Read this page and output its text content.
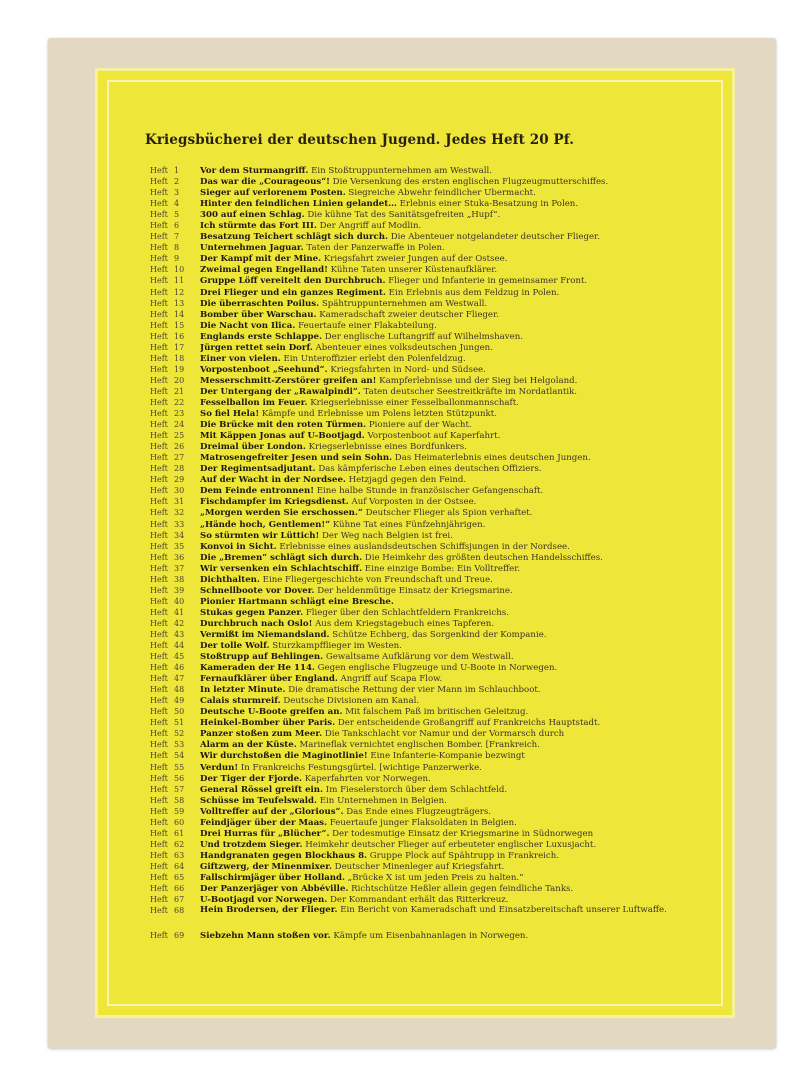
Kriegsbücherei der deutschen Jugend. Jedes Heft 20 Pf.
Heft 1	Vor dem Sturmangriff. Ein Stoßtruppunternehmen am Westwall.
Heft 2	Das war die „Courageous“! Die Versenkung des ersten englischen Flugzeugmutterschiffes.
Heft 3	Sieger auf verlorenem Posten. Siegreiche Abwehr feindlicher Übermacht.
Heft 4	Hinter den feindlichen Linien gelandet… Erlebnis einer Stuka-Besatzung in Polen.
Heft 5	300 auf einen Schlag. Die kühne Tat des Sanitätsgefreiten „Hupf“.
Heft 6	Ich stürmte das Fort III. Der Angriff auf Modlin.
Heft 7	Besatzung Teichert schlägt sich durch. Die Abenteuer notgelandeter deutscher Flieger.
Heft 8	Unternehmen Jaguar. Taten der Panzerwaffe in Polen.
Heft 9	Der Kampf mit der Mine. Kriegsfahrt zweier Jungen auf der Ostsee.
Heft 10	Zweimal gegen Engelland! Kühne Taten unserer Küstenaufklärer.
Heft 11	Gruppe Löff vereitelt den Durchbruch. Flieger und Infanterie in gemeinsamer Front.
Heft 12	Drei Flieger und ein ganzes Regiment. Ein Erlebnis aus dem Feldzug in Polen.
Heft 13	Die überraschten Poilus. Spähtruppunternehmen am Westwall.
Heft 14	Bomber über Warschau. Kameradschaft zweier deutscher Flieger.
Heft 15	Die Nacht von Ilica. Feuertaufe einer Flakabteilung.
Heft 16	Englands erste Schlappe. Der englische Luftangriff auf Wilhelmshaven.
Heft 17	Jürgen rettet sein Dorf. Abenteuer eines volksdeutschen Jungen.
Heft 18	Einer von vielen. Ein Unteroffizier erlebt den Polenfeldzug.
Heft 19	Vorpostenboot „Seehund“. Kriegsfahrten in Nord- und Südsee.
Heft 20	Messerschmitt-Zerstörer greifen an! Kampferlebnisse und der Sieg bei Helgoland.
Heft 21	Der Untergang der „Rawalpindi“. Taten deutscher Seestreitkräfte im Nordatlantik.
Heft 22	Fesselballon im Feuer. Kriegserlebnisse einer Fesselballonmannschaft.
Heft 23	So fiel Hela! Kämpfe und Erlebnisse um Polens letzten Stützpunkt.
Heft 24	Die Brücke mit den roten Türmen. Pioniere auf der Wacht.
Heft 25	Mit Käppen Jonas auf U-Bootjagd. Vorpostenboot auf Kaperfahrt.
Heft 26	Dreimal über London. Kriegserlebnisse eines Bordfunkers.
Heft 27	Matrosengefreiter Jesen und sein Sohn. Das Heimaterlebnis eines deutschen Jungen.
Heft 28	Der Regimentsadjutant. Das kämpferische Leben eines deutschen Offiziers.
Heft 29	Auf der Wacht in der Nordsee. Hetzjagd gegen den Feind.
Heft 30	Dem Feinde entronnen! Eine halbe Stunde in französischer Gefangenschaft.
Heft 31	Fischdampfer im Kriegsdienst. Auf Vorposten in der Ostsee.
Heft 32	„Morgen werden Sie erschossen.“ Deutscher Flieger als Spion verhaftet.
Heft 33	„Hände hoch, Gentlemen!“ Kühne Tat eines Fünfzehnjährigen.
Heft 34	So stürmten wir Lüttich! Der Weg nach Belgien ist frei.
Heft 35	Konvoi in Sicht. Erlebnisse eines auslandsdeutschen Schiffsjungen in der Nordsee.
Heft 36	Die „Bremen“ schlägt sich durch. Die Heimkehr des größten deutschen Handelsschiffes.
Heft 37	Wir versenken ein Schlachtschiff. Eine einzige Bombe: Ein Volltreffer.
Heft 38	Dichthalten. Eine Fliegergeschichte von Freundschaft und Treue.
Heft 39	Schnellboote vor Dover. Der heldenmütige Einsatz der Kriegsmarine.
Heft 40	Pionier Hartmann schlägt eine Bresche.
Heft 41	Stukas gegen Panzer. Flieger über den Schlachtfeldern Frankreichs.
Heft 42	Durchbruch nach Oslo! Aus dem Kriegstagebuch eines Tapferen.
Heft 43	Vermißt im Niemandsland. Schütze Echberg, das Sorgenkind der Kompanie.
Heft 44	Der tolle Wolf. Sturzkampfflieger im Westen.
Heft 45	Stoßtrupp auf Behlingen. Gewaltsame Aufklärung vor dem Westwall.
Heft 46	Kameraden der He 114. Gegen englische Flugzeuge und U-Boote in Norwegen.
Heft 47	Fernaufklärer über England. Angriff auf Scapa Flow.
Heft 48	In letzter Minute. Die dramatische Rettung der vier Mann im Schlauchboot.
Heft 49	Calais sturmreif. Deutsche Divisionen am Kanal.
Heft 50	Deutsche U-Boote greifen an. Mit falschem Paß im britischen Geleitzug.
Heft 51	Heinkel-Bomber über Paris. Der entscheidende Großangriff auf Frankreichs Hauptstadt.
Heft 52	Panzer stoßen zum Meer. Die Tankschlacht vor Namur und der Vormarsch durch
Heft 53	Alarm an der Küste. Marineflak vernichtet englischen Bomber. [Frankreich.
Heft 54	Wir durchstoßen die Maginotlinie! Eine Infanterie-Kompanie bezwingt
Heft 55	Verdun! In Frankreichs Festungsgürtel. [wichtige Panzerwerke.
Heft 56	Der Tiger der Fjorde. Kaperfahrten vor Norwegen.
Heft 57	General Rössel greift ein. Im Fieselerstorch über dem Schlachtfeld.
Heft 58	Schüsse im Teufelswald. Ein Unternehmen in Belgien.
Heft 59	Volltreffer auf der „Glorious“. Das Ende eines Flugzeugträgers.
Heft 60	Feindjäger über der Maas. Feuertaufe junger Flaksoldaten in Belgien.
Heft 61	Drei Hurras für „Blücher“. Der todesmutige Einsatz der Kriegsmarine in Südnorwegen
Heft 62	Und trotzdem Sieger. Heimkehr deutscher Flieger auf erbeuteter englischer Luxusjacht.
Heft 63	Handgranaten gegen Blockhaus 8. Gruppe Plock auf Spähtrupp in Frankreich.
Heft 64	Giftzwerg, der Minenmixer. Deutscher Minenleger auf Kriegsfahrt.
Heft 65	Fallschirmjäger über Holland. „Brücke X ist um jeden Preis zu halten.“
Heft 66	Der Panzerjäger von Abbéville. Richtschütze Heßler allein gegen feindliche Tanks.
Heft 67	U-Bootjagd vor Norwegen. Der Kommandant erhält das Ritterkreuz.
Heft 68	Hein Brodersen, der Flieger. Ein Bericht von Kameradschaft und Einsatzbereitschaft unserer Luftwaffe.
Heft 69	Siebzehn Mann stoßen vor. Kämpfe um Eisenbahnanlagen in Norwegen.
